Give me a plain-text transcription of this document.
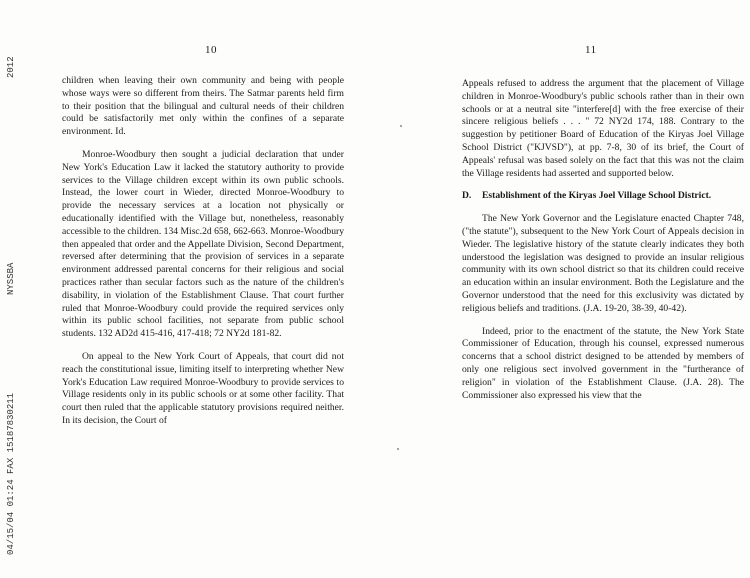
04/15/04 01:24 FAX 15187830211
NYSSBA
2012
10	11

children when leaving their own community and being with people whose ways were so different from theirs. The Satmar parents held firm to their position that the bilingual and cultural needs of their children could be satisfactorily met only within the confines of a separate environment. Id.

Monroe-Woodbury then sought a judicial declaration that under New York's Education Law it lacked the statutory authority to provide services to the Village children except within its own public schools. Instead, the lower court in Wieder, directed Monroe-Woodbury to provide the necessary services at a location not physically or educationally identified with the Village but, nonetheless, reasonably accessible to the children. 134 Misc.2d 658, 662-663. Monroe-Woodbury then appealed that order and the Appellate Division, Second Department, reversed after determining that the provision of services in a separate environment addressed parental concerns for their religious and social practices rather than secular factors such as the nature of the children's disability, in violation of the Establishment Clause. That court further ruled that Monroe-Woodbury could provide the required services only within its public school facilities, not separate from public school students. 132 AD2d 415-416, 417-418; 72 NY2d 181-82.

On appeal to the New York Court of Appeals, that court did not reach the constitutional issue, limiting itself to interpreting whether New York's Education Law required Monroe-Woodbury to provide services to Village residents only in its public schools or at some other facility. That court then ruled that the applicable statutory provisions required neither. In its decision, the Court of

Appeals refused to address the argument that the placement of Village children in Monroe-Woodbury's public schools rather than in their own schools or at a neutral site "interfere[d] with the free exercise of their sincere religious beliefs . . . " 72 NY2d 174, 188. Contrary to the suggestion by petitioner Board of Education of the Kiryas Joel Village School District ("KJVSD"), at pp. 7-8, 30 of its brief, the Court of Appeals' refusal was based solely on the fact that this was not the claim the Village residents had asserted and supported below.

D. Establishment of the Kiryas Joel Village School District.

The New York Governor and the Legislature enacted Chapter 748, ("the statute"), subsequent to the New York Court of Appeals decision in Wieder. The legislative history of the statute clearly indicates they both understood the legislation was designed to provide an insular religious community with its own school district so that its children could receive an education within an insular environment. Both the Legislature and the Governor understood that the need for this exclusivity was dictated by religious beliefs and traditions. (J.A. 19-20, 38-39, 40-42).

Indeed, prior to the enactment of the statute, the New York State Commissioner of Education, through his counsel, expressed numerous concerns that a school district designed to be attended by members of only one religious sect involved government in the "furtherance of religion" in violation of the Establishment Clause. (J.A. 28). The Commissioner also expressed his view that the
